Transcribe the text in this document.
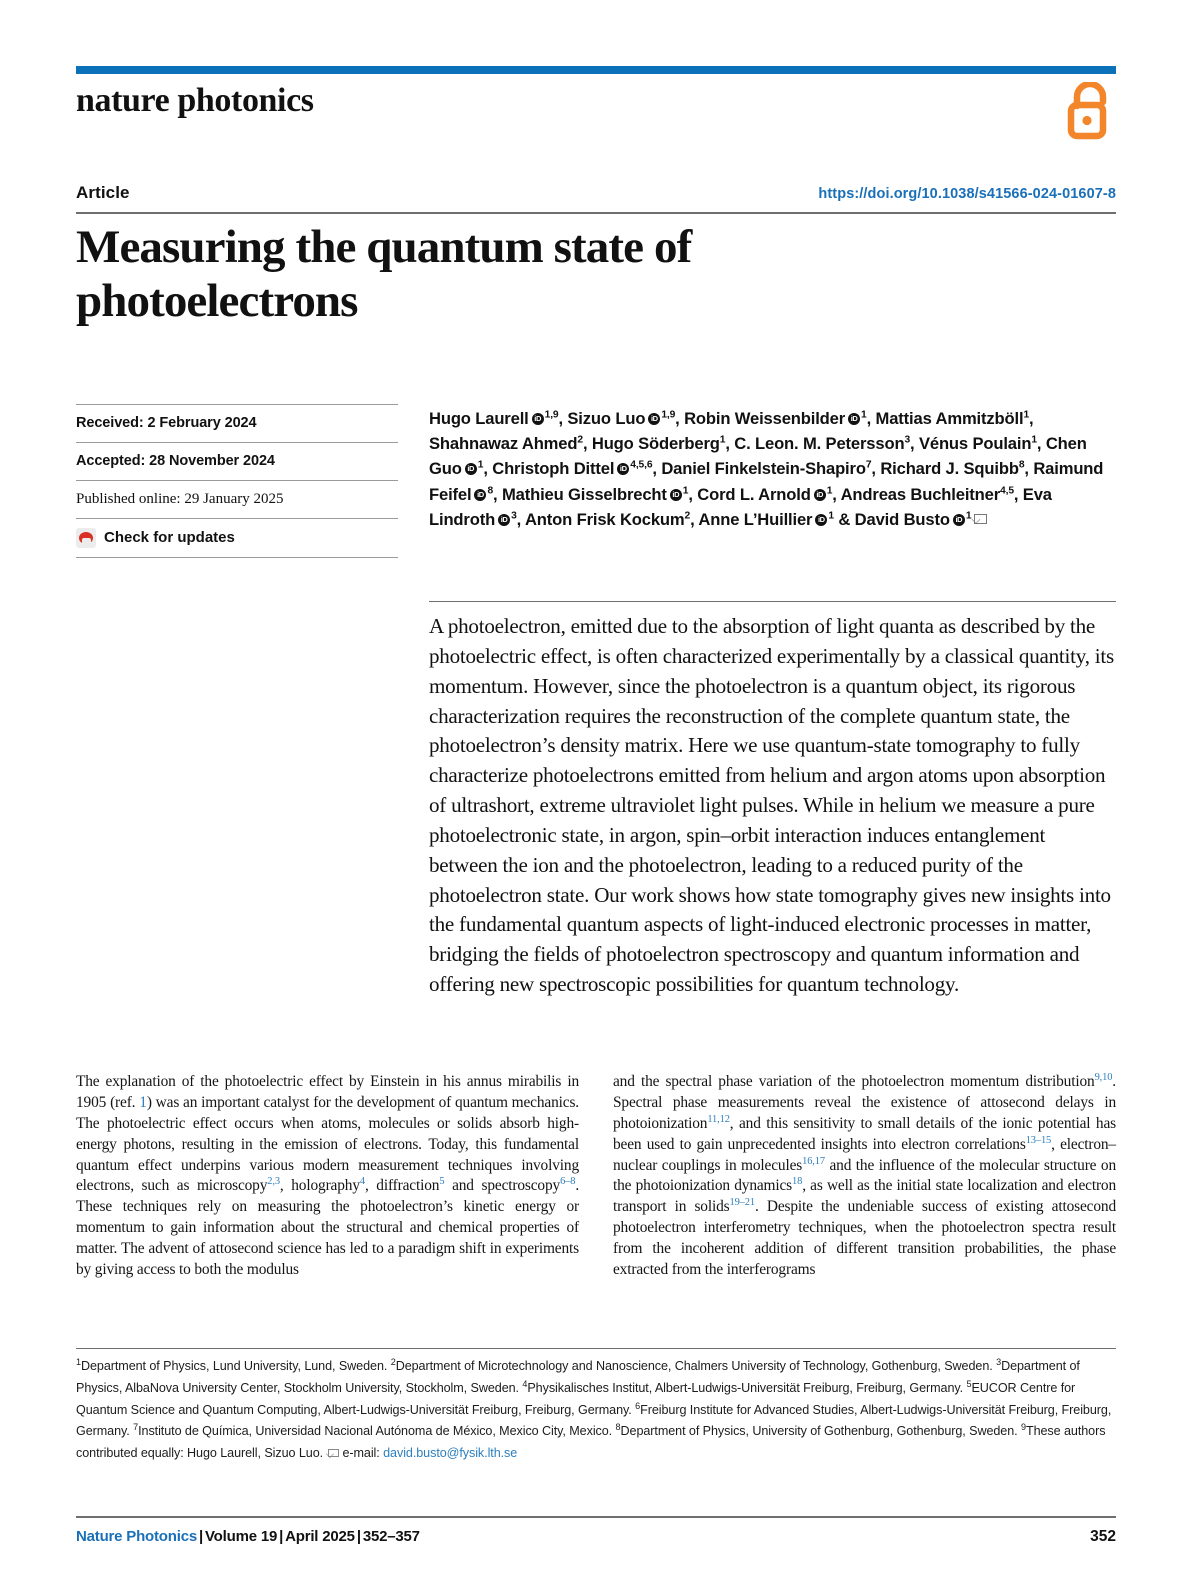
nature photonics
Article	https://doi.org/10.1038/s41566-024-01607-8
Measuring the quantum state of photoelectrons
Received: 2 February 2024
Accepted: 28 November 2024
Published online: 29 January 2025
Check for updates
Hugo Laurell iD $^{1,9}$, Sizuo Luo iD $^{1,9}$, Robin Weissenbilder iD $^1$, Mattias Ammitzböll$^1$, Shahnawaz Ahmed$^2$, Hugo Söderberg$^1$, C. Leon. M. Petersson$^3$, Vénus Poulain$^1$, Chen Guo iD $^1$, Christoph Dittel iD $^{4,5,6}$, Daniel Finkelstein-Shapiro$^7$, Richard J. Squibb$^8$, Raimund Feifel iD $^8$, Mathieu Gisselbrecht iD $^1$, Cord L. Arnold iD $^1$, Andreas Buchleitner$^{4,5}$, Eva Lindroth iD $^3$, Anton Frisk Kockum$^2$, Anne L’HuillieriD $^1$ & David Busto iD $^1$

A photoelectron, emitted due to the absorption of light quanta as described by the photoelectric effect, is often characterized experimentally by a classical quantity, its momentum. However, since the photoelectron is a quantum object, its rigorous characterization requires the reconstruction of the complete quantum state, the photoelectron’s density matrix. Here we use quantum-state tomography to fully characterize photoelectrons emitted from helium and argon atoms upon absorption of ultrashort, extreme ultraviolet light pulses. While in helium we measure a pure photoelectronic state, in argon, spin–orbit interaction induces entanglement between the ion and the photoelectron, leading to a reduced purity of the photoelectron state. Our work shows how state tomography gives new insights into the fundamental quantum aspects of light-induced electronic processes in matter, bridging the fields of photoelectron spectroscopy and quantum information and offering new spectroscopic possibilities for quantum technology.

The explanation of the photoelectric effect by Einstein in his annus mirabilis in 1905 (ref. 1) was an important catalyst for the development of quantum mechanics. The photoelectric effect occurs when atoms, molecules or solids absorb high-energy photons, resulting in the emission of electrons. Today, this fundamental quantum effect underpins various modern measurement techniques involving electrons, such as microscopy$^{2,3}$, holography$^4$, diffraction$^5$ and spectroscopy$^{6-8}$. These techniques rely on measuring the photoelectron’s kinetic energy or momentum to gain information about the structural and chemical properties of matter. The advent of attosecond science has led to a paradigm shift in experiments by giving access to both the modulus

and the spectral phase variation of the photoelectron momentum distribution$^{9,10}$. Spectral phase measurements reveal the existence of attosecond delays in photoionization$^{11,12}$, and this sensitivity to small details of the ionic potential has been used to gain unprecedented insights into electron correlations$^{13-15}$, electron–nuclear couplings in molecules$^{16,17}$ and the influence of the molecular structure on the photoionization dynamics$^{18}$, as well as the initial state localization and electron transport in solids$^{19-21}$. Despite the undeniable success of existing attosecond photoelectron interferometry techniques, when the photoelectron spectra result from the incoherent addition of different transition probabilities, the phase extracted from the interferograms

$^1$Department of Physics, Lund University, Lund, Sweden. $^2$Department of Microtechnology and Nanoscience, Chalmers University of Technology, Gothenburg, Sweden. $^3$Department of Physics, AlbaNova University Center, Stockholm University, Stockholm, Sweden. $^4$Physikalisches Institut, Albert-Ludwigs-Universität Freiburg, Freiburg, Germany. $^5$EUCOR Centre for Quantum Science and Quantum Computing, Albert-Ludwigs-Universität Freiburg, Freiburg, Germany. $^6$Freiburg Institute for Advanced Studies, Albert-Ludwigs-Universität Freiburg, Freiburg, Germany. $^7$Instituto de Química, Universidad Nacional Autónoma de México, Mexico City, Mexico. $^8$Department of Physics, University of Gothenburg, Gothenburg, Sweden. $^9$These authors contributed equally: Hugo Laurell, Sizuo Luo. e-mail: david.busto@fysik.lth.se

Nature Photonics | Volume 19 | April 2025 | 352–357	352
